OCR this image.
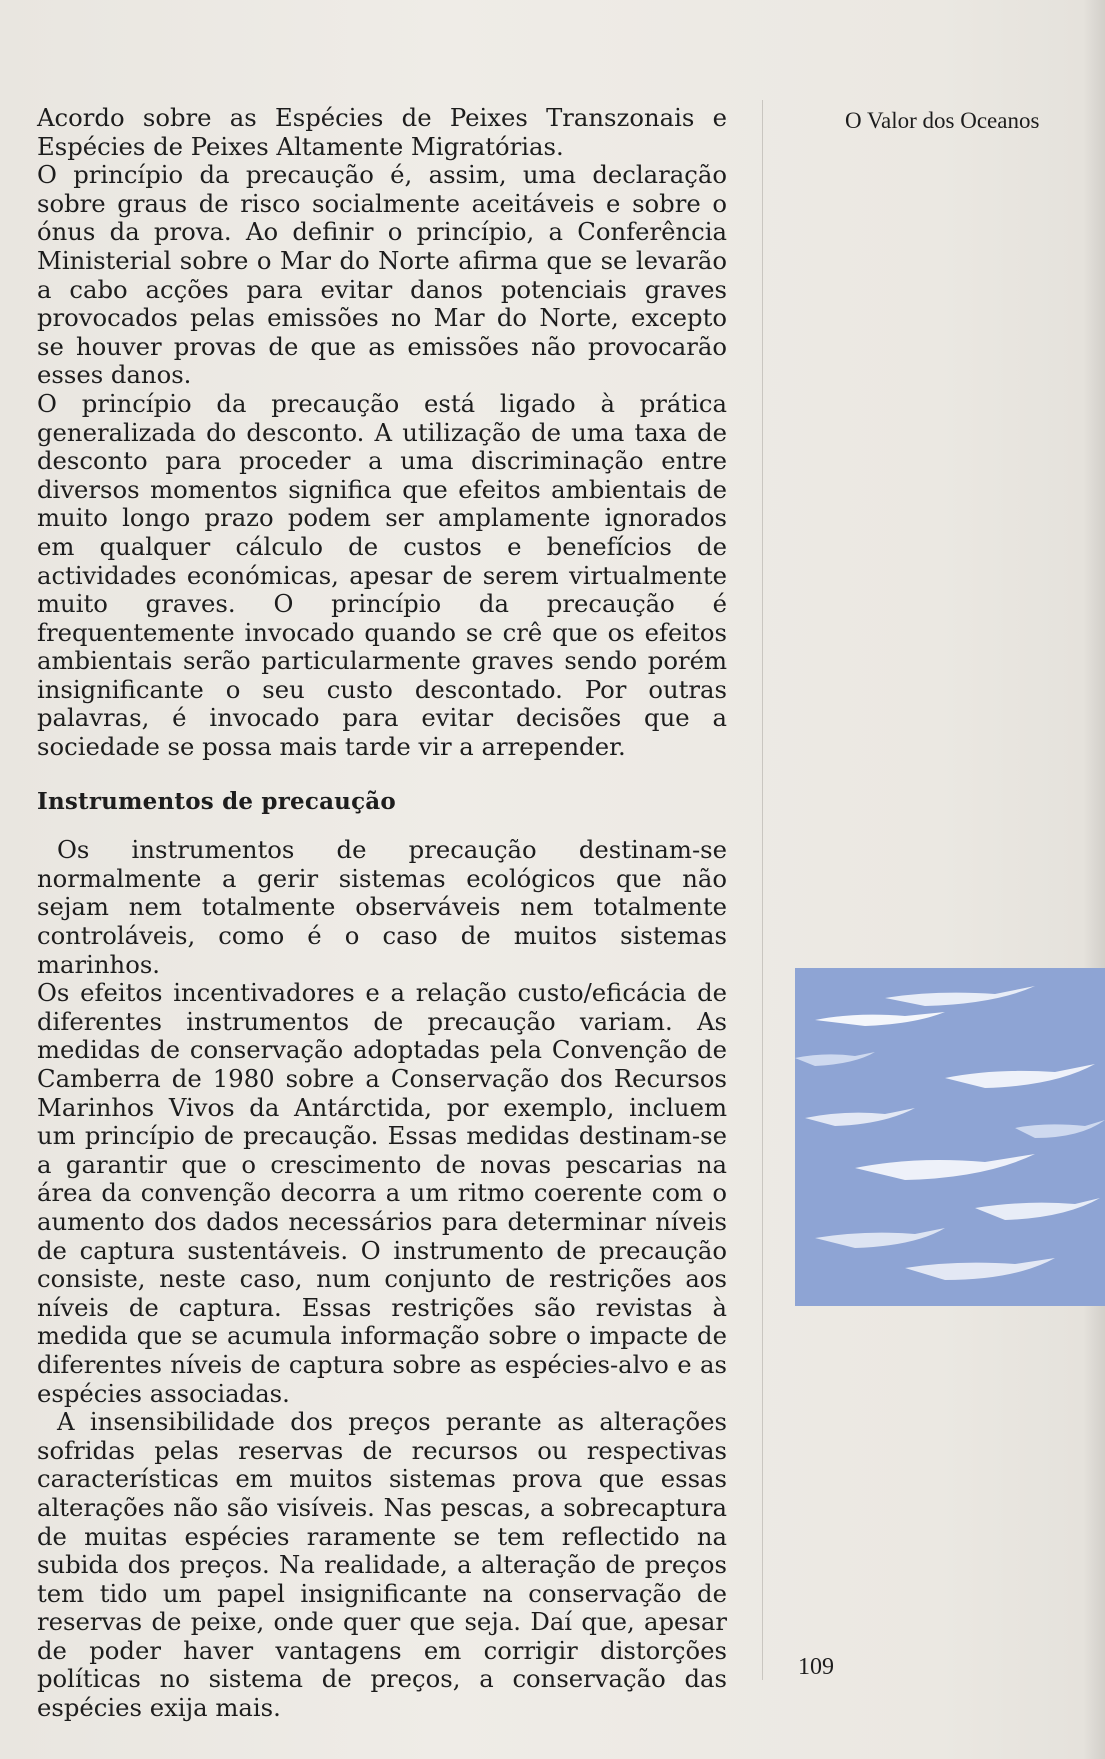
Acordo sobre as Espécies de Peixes Transzonais e Espécies de Peixes Altamente Migratórias.

O princípio da precaução é, assim, uma declaração sobre graus de risco socialmente aceitáveis e sobre o ónus da prova. Ao definir o princípio, a Conferência Ministerial sobre o Mar do Norte afirma que se levarão a cabo acções para evitar danos potenciais graves provocados pelas emissões no Mar do Norte, excepto se houver provas de que as emissões não provocarão esses danos.

O princípio da precaução está ligado à prática generalizada do desconto. A utilização de uma taxa de desconto para proceder a uma discriminação entre diversos momentos significa que efeitos ambientais de muito longo prazo podem ser amplamente ignorados em qualquer cálculo de custos e benefícios de actividades económicas, apesar de serem virtualmente muito graves. O princípio da precaução é frequentemente invocado quando se crê que os efeitos ambientais serão particularmente graves sendo porém insignificante o seu custo descontado. Por outras palavras, é invocado para evitar decisões que a sociedade se possa mais tarde vir a arrepender.

Instrumentos de precaução

Os instrumentos de precaução destinam-se normalmente a gerir sistemas ecológicos que não sejam nem totalmente observáveis nem totalmente controláveis, como é o caso de muitos sistemas marinhos.

Os efeitos incentivadores e a relação custo/eficácia de diferentes instrumentos de precaução variam. As medidas de conservação adoptadas pela Convenção de Camberra de 1980 sobre a Conservação dos Recursos Marinhos Vivos da Antárctida, por exemplo, incluem um princípio de precaução. Essas medidas destinam-se a garantir que o crescimento de novas pescarias na área da convenção decorra a um ritmo coerente com o aumento dos dados necessários para determinar níveis de captura sustentáveis. O instrumento de precaução consiste, neste caso, num conjunto de restrições aos níveis de captura. Essas restrições são revistas à medida que se acumula informação sobre o impacte de diferentes níveis de captura sobre as espécies-alvo e as espécies associadas.

A insensibilidade dos preços perante as alterações sofridas pelas reservas de recursos ou respectivas características em muitos sistemas prova que essas alterações não são visíveis. Nas pescas, a sobrecaptura de muitas espécies raramente se tem reflectido na subida dos preços. Na realidade, a alteração de preços tem tido um papel insignificante na conservação de reservas de peixe, onde quer que seja. Daí que, apesar de poder haver vantagens em corrigir distorções políticas no sistema de preços, a conservação das espécies exija mais.

O Valor dos Oceanos

109
